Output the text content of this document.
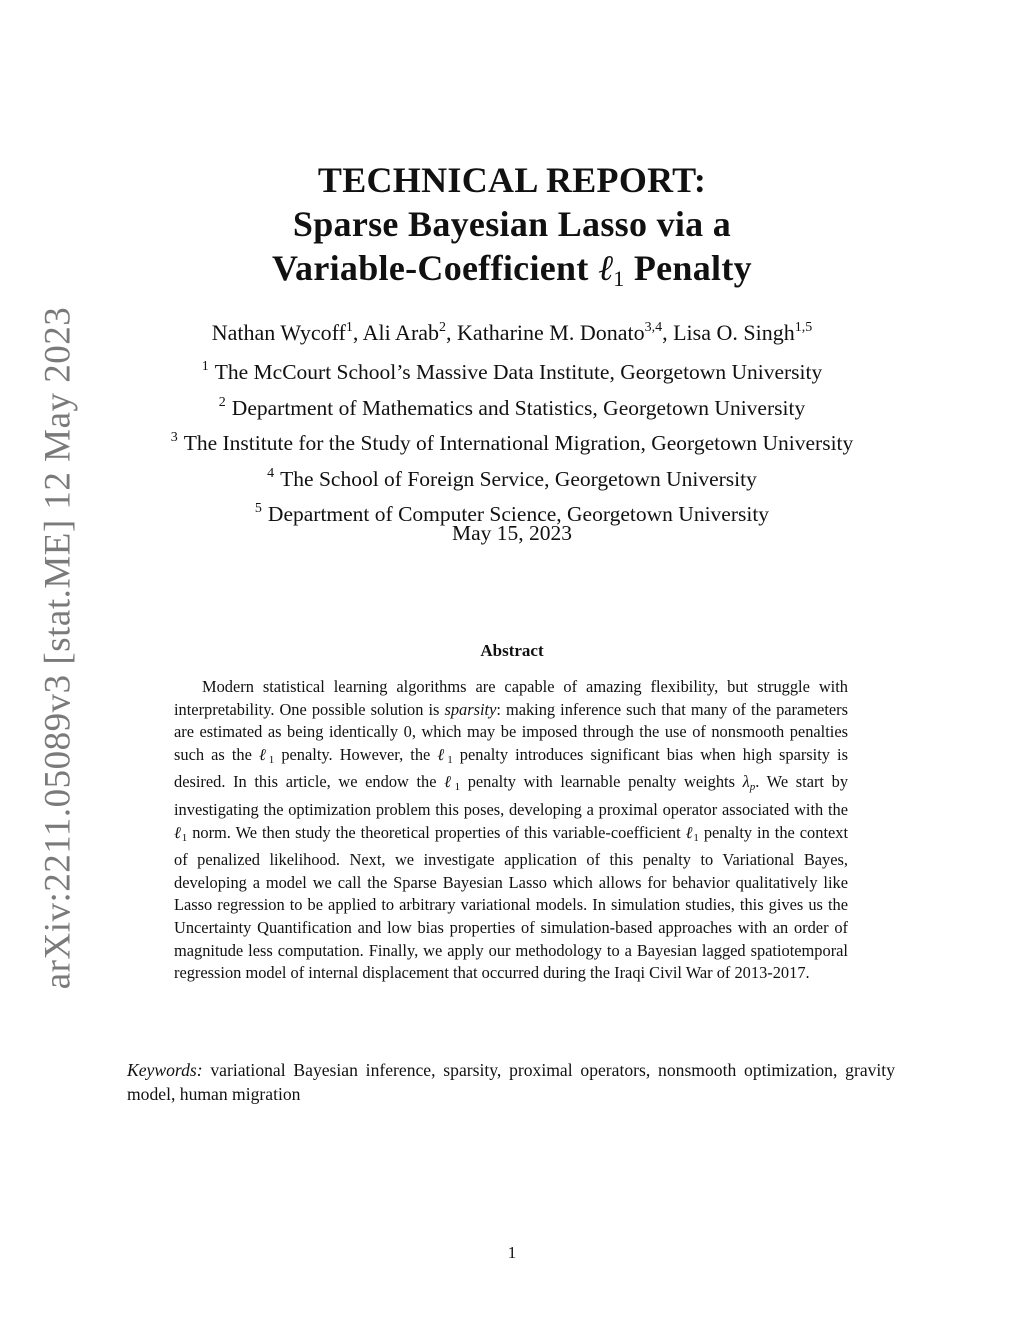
arXiv:2211.05089v3 [stat.ME] 12 May 2023
TECHNICAL REPORT:
Sparse Bayesian Lasso via a
Variable-Coefficient ℓ$_1$ Penalty
Nathan Wycoff$^1$, Ali Arab$^2$, Katharine M. Donato$^{3,4}$, Lisa O. Singh$^{1,5}$
$^1$ The McCourt School’s Massive Data Institute, Georgetown University
$^2$ Department of Mathematics and Statistics, Georgetown University
$^3$ The Institute for the Study of International Migration, Georgetown University
$^4$ The School of Foreign Service, Georgetown University
$^5$ Department of Computer Science, Georgetown University
May 15, 2023
Abstract

Modern statistical learning algorithms are capable of amazing flexibility, but struggle with interpretability. One possible solution is sparsity: making inference such that many of the parameters are estimated as being identically 0, which may be imposed through the use of nonsmooth penalties such as the ℓ$_1$ penalty. However, the ℓ$_1$ penalty introduces significant bias when high sparsity is desired. In this article, we endow the ℓ$_1$ penalty with learnable penalty weights $\lambda_p$. We start by investigating the optimization problem this poses, developing a proximal operator associated with the ℓ$_1$ norm. We then study the theoretical properties of this variable-coefficient ℓ$_1$ penalty in the context of penalized likelihood. Next, we investigate application of this penalty to Variational Bayes, developing a model we call the Sparse Bayesian Lasso which allows for behavior qualitatively like Lasso regression to be applied to arbitrary variational models. In simulation studies, this gives us the Uncertainty Quantification and low bias properties of simulation-based approaches with an order of magnitude less computation. Finally, we apply our methodology to a Bayesian lagged spatiotemporal regression model of internal displacement that occurred during the Iraqi Civil War of 2013-2017.

Keywords: variational Bayesian inference, sparsity, proximal operators, nonsmooth optimization, gravity model, human migration

1
